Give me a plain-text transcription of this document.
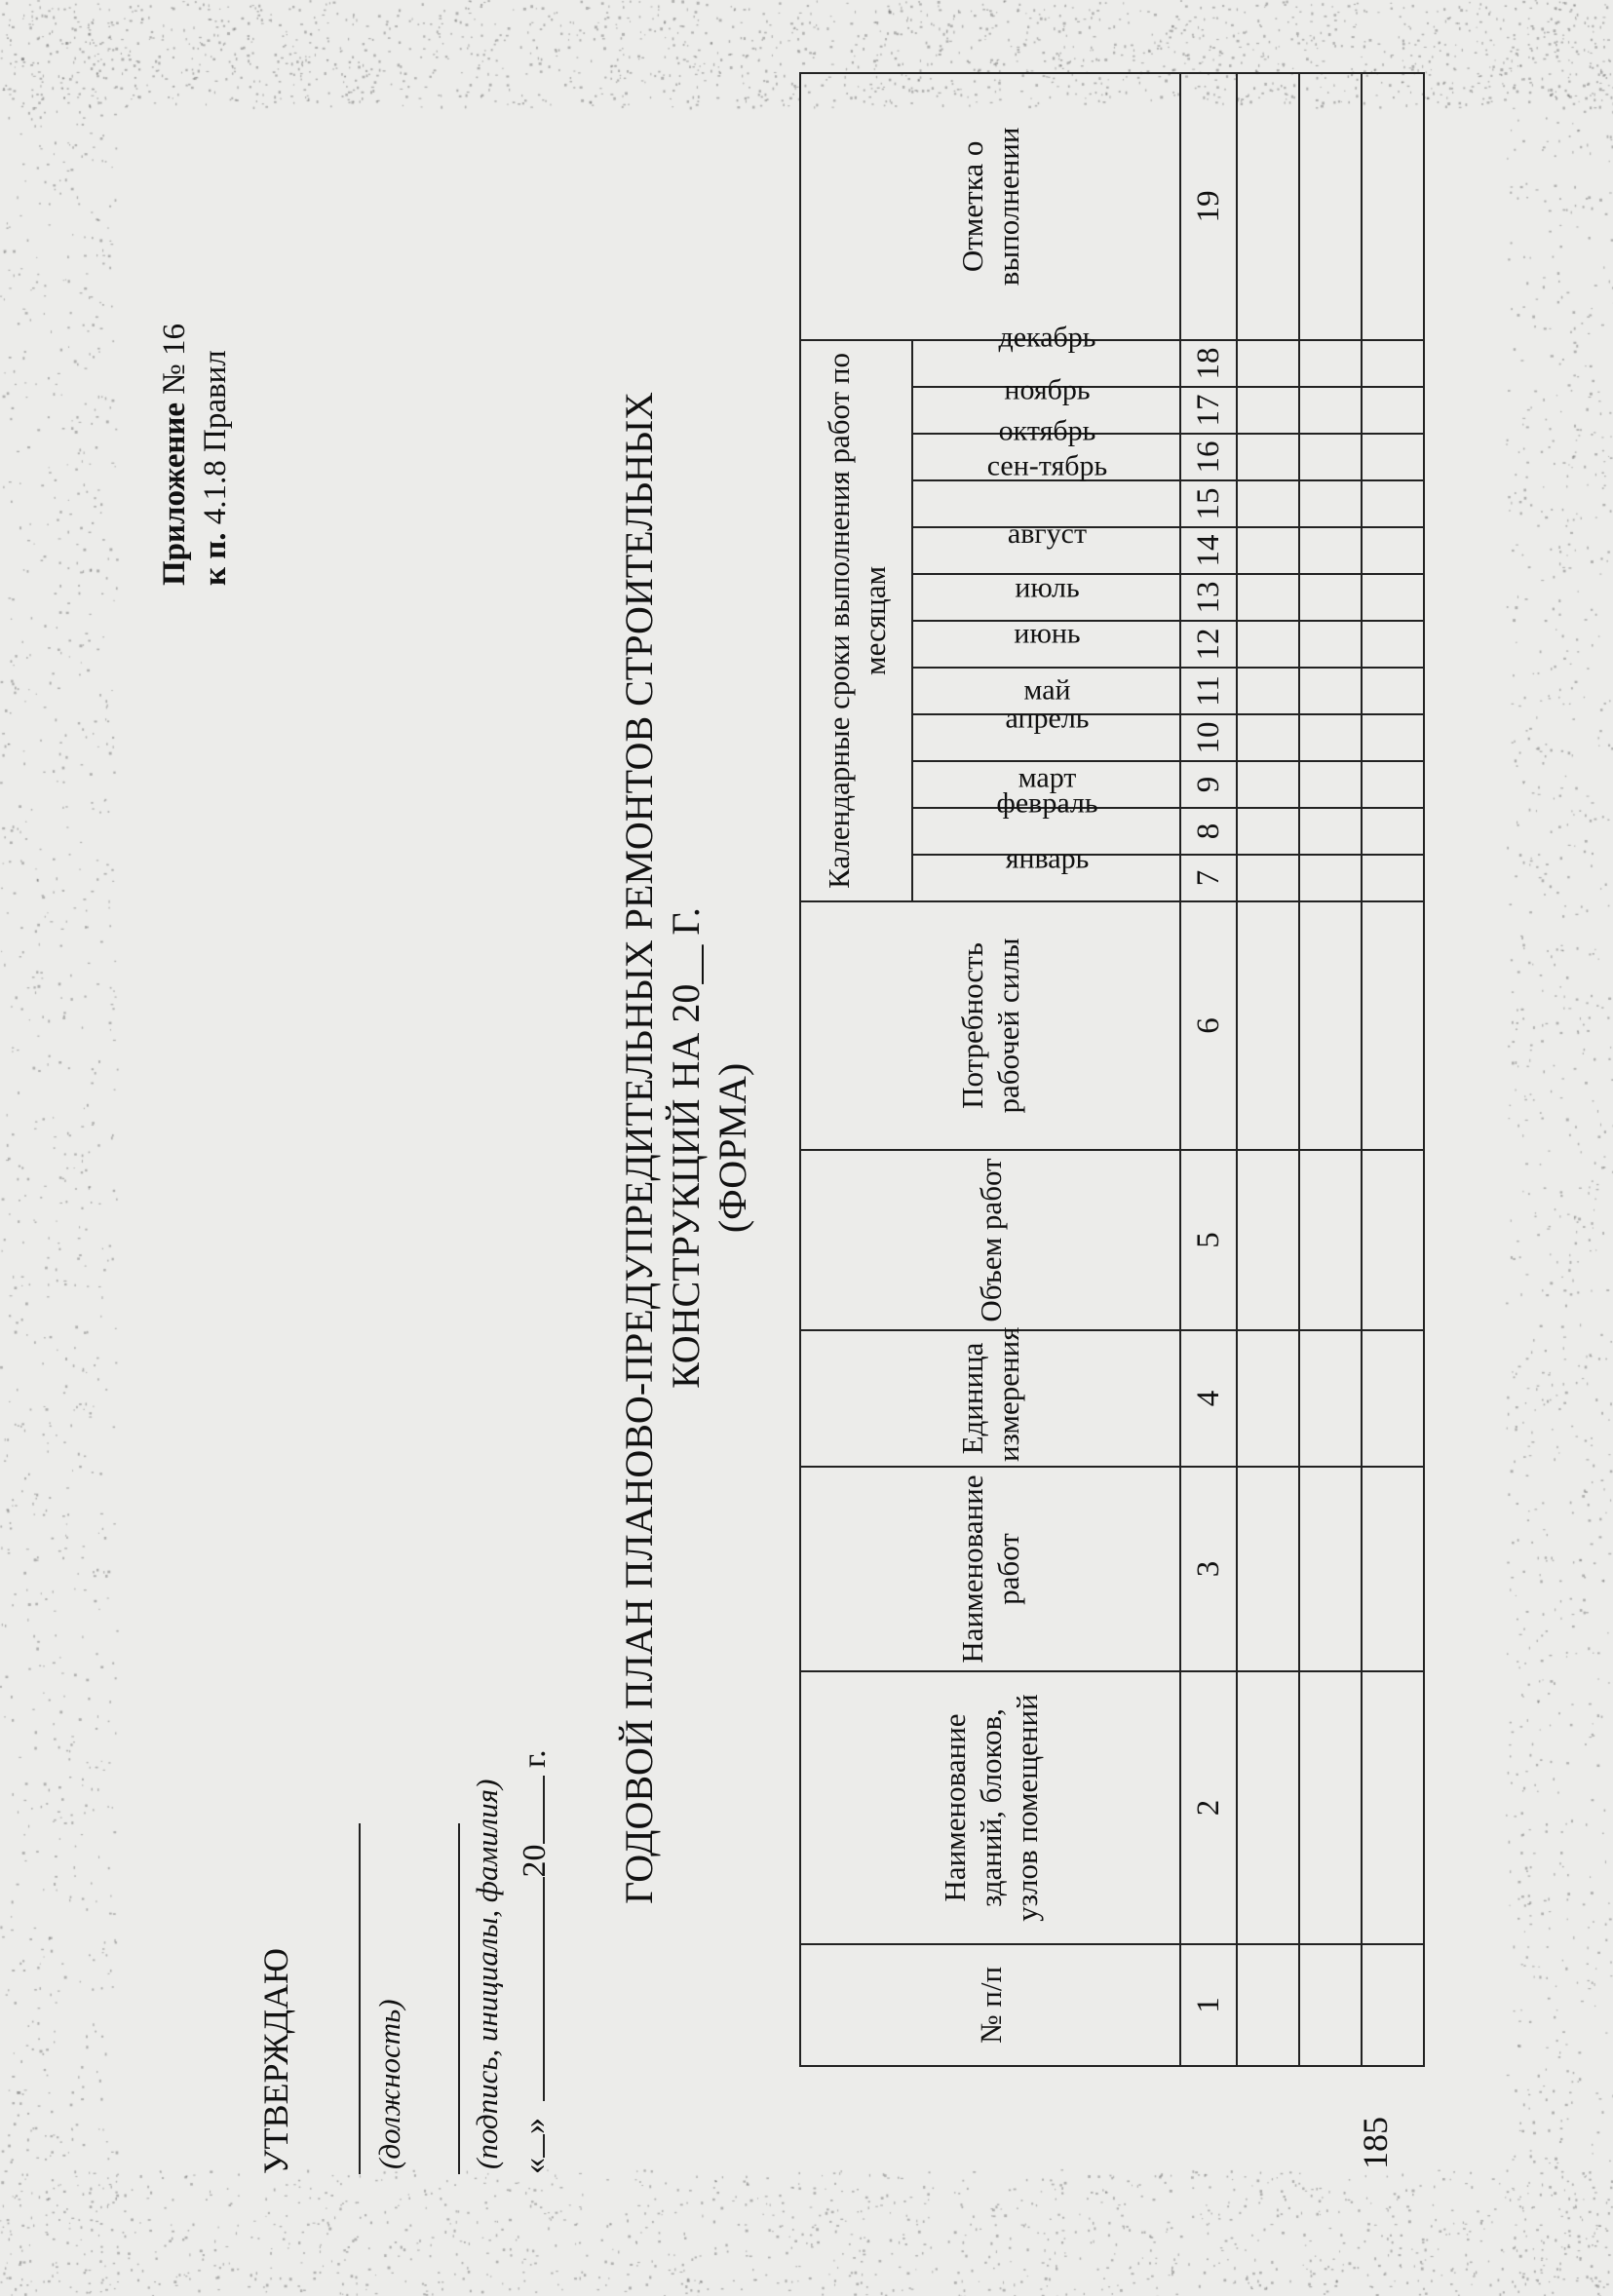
Приложение № 16
к п. 4.1.8 Правил
УТВЕРЖДАЮ	(должность) (подпись, инициалы, фамилия) «» 20 г. ГОДОВОЙ ПЛАН ПЛАНОВО-ПРЕДУПРЕДИТЕЛЬНЫХ РЕМОНТОВ СТРОИТЕЛЬНЫХ КОНСТРУКЦИЙ НА 20__ Г. (ФОРМА)
№ п/п	Наименование зданий, блоков, узлов помещений	Наименование работ	Единица измерения	Объем работ	Потребность рабочей силы	Календарные сроки выполнения работ по месяцам												Отметка о выполнении
						январь	февраль	март	апрель	май	июнь	июль	август	сен-тябрь	октябрь	ноябрь	декабрь	
1	2	3	4	5	6	7	8	9	10	11	12	13	14	15	16	17	18	19

185
